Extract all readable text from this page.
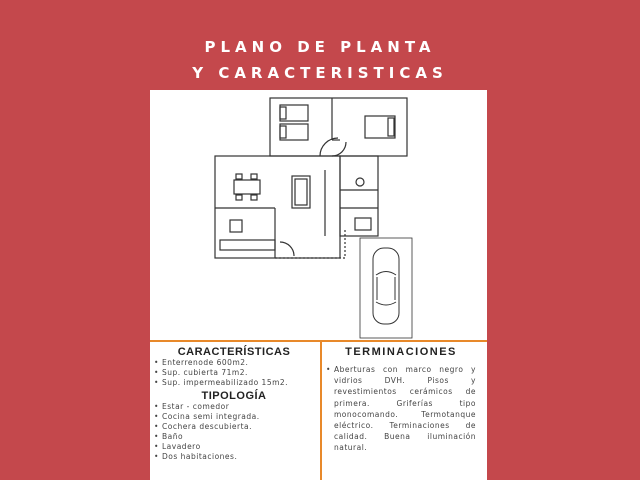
PLANO DE PLANTA
Y CARACTERISTICAS
CARACTERÍSTICAS
• Enterrenode 600m2.
• Sup. cubierta 71m2.
• Sup. impermeabilizado 15m2.
TIPOLOGÍA
• Estar - comedor
• Cocina semi integrada.
• Cochera descubierta.
• Baño
• Lavadero
• Dos habitaciones.
TERMINACIONES
• Aberturas con marco negro y vidrios DVH. Pisos y revestimientos cerámicos de primera. Griferías tipo monocomando. Termotanque eléctrico. Terminaciones de calidad. Buena iluminación natural.
